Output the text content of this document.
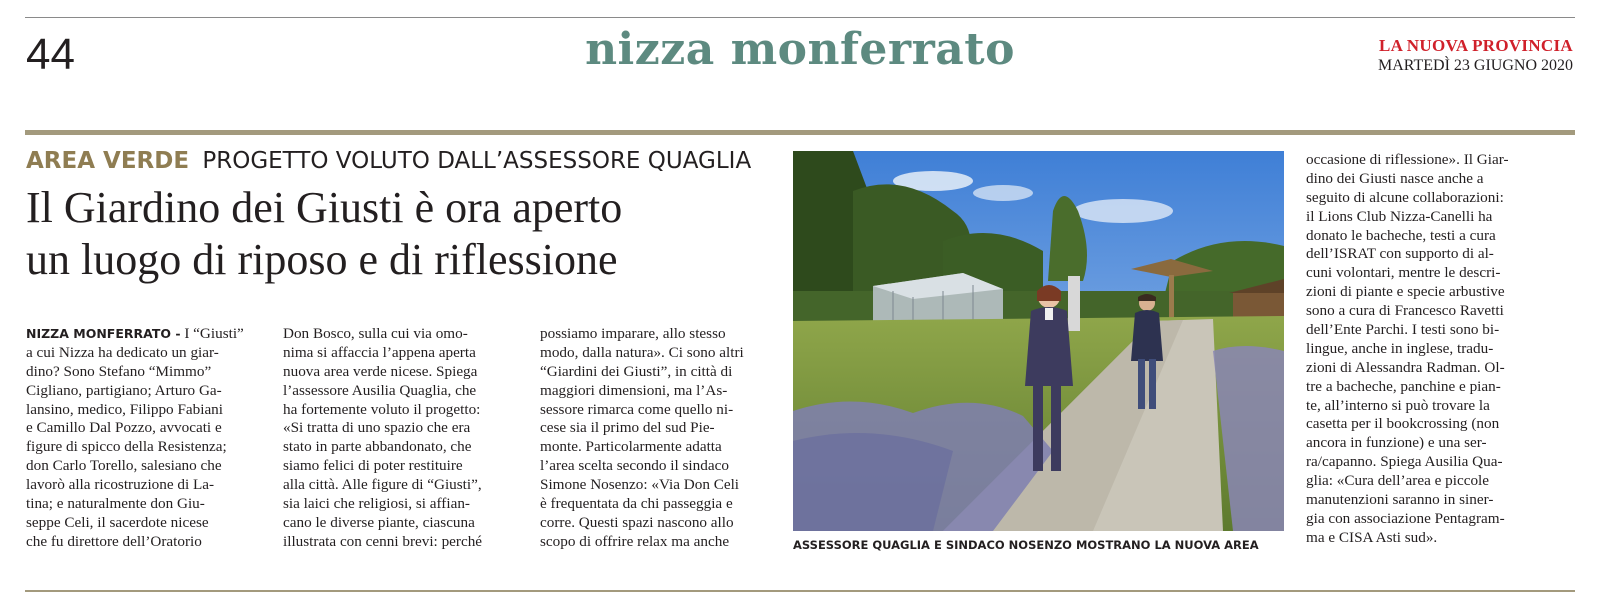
44	nizza monferrato	LA NUOVA PROVINCIA
MARTEDÌ 23 GIUGNO 2020
AREA VERDE PROGETTO VOLUTO DALL’ASSESSORE QUAGLIA
Il Giardino dei Giusti è ora aperto
un luogo di riposo e di riflessione
NIZZA MONFERRATO - I “Giusti”
a cui Nizza ha dedicato un giar-
dino? Sono Stefano “Mimmo”
Cigliano, partigiano; Arturo Ga-
lansino, medico, Filippo Fabiani
e Camillo Dal Pozzo, avvocati e
figure di spicco della Resistenza;
don Carlo Torello, salesiano che
lavorò alla ricostruzione di La-
tina; e naturalmente don Giu-
seppe Celi, il sacerdote nicese
che fu direttore dell’Oratorio
Don Bosco, sulla cui via omo-
nima si affaccia l’appena aperta
nuova area verde nicese. Spiega
l’assessore Ausilia Quaglia, che
ha fortemente voluto il progetto:
«Si tratta di uno spazio che era
stato in parte abbandonato, che
siamo felici di poter restituire
alla città. Alle figure di “Giusti”,
sia laici che religiosi, si affian-
cano le diverse piante, ciascuna
illustrata con cenni brevi: perché
possiamo imparare, allo stesso
modo, dalla natura». Ci sono altri
“Giardini dei Giusti”, in città di
maggiori dimensioni, ma l’As-
sessore rimarca come quello ni-
cese sia il primo del sud Pie-
monte. Particolarmente adatta
l’area scelta secondo il sindaco
Simone Nosenzo: «Via Don Celi
è frequentata da chi passeggia e
corre. Questi spazi nascono allo
scopo di offrire relax ma anche	ASSESSORE QUAGLIA E SINDACO NOSENZO MOSTRANO LA NUOVA AREA
occasione di riflessione». Il Giar-
dino dei Giusti nasce anche a
seguito di alcune collaborazioni:
il Lions Club Nizza-Canelli ha
donato le bacheche, testi a cura
dell’ISRAT con supporto di al-
cuni volontari, mentre le descri-
zioni di piante e specie arbustive
sono a cura di Francesco Ravetti
dell’Ente Parchi. I testi sono bi-
lingue, anche in inglese, tradu-
zioni di Alessandra Radman. Ol-
tre a bacheche, panchine e pian-
te, all’interno si può trovare la
casetta per il bookcrossing (non
ancora in funzione) e una ser-
ra/capanno. Spiega Ausilia Qua-
glia: «Cura dell’area e piccole
manutenzioni saranno in siner-
gia con associazione Pentagram-
ma e CISA Asti sud».
